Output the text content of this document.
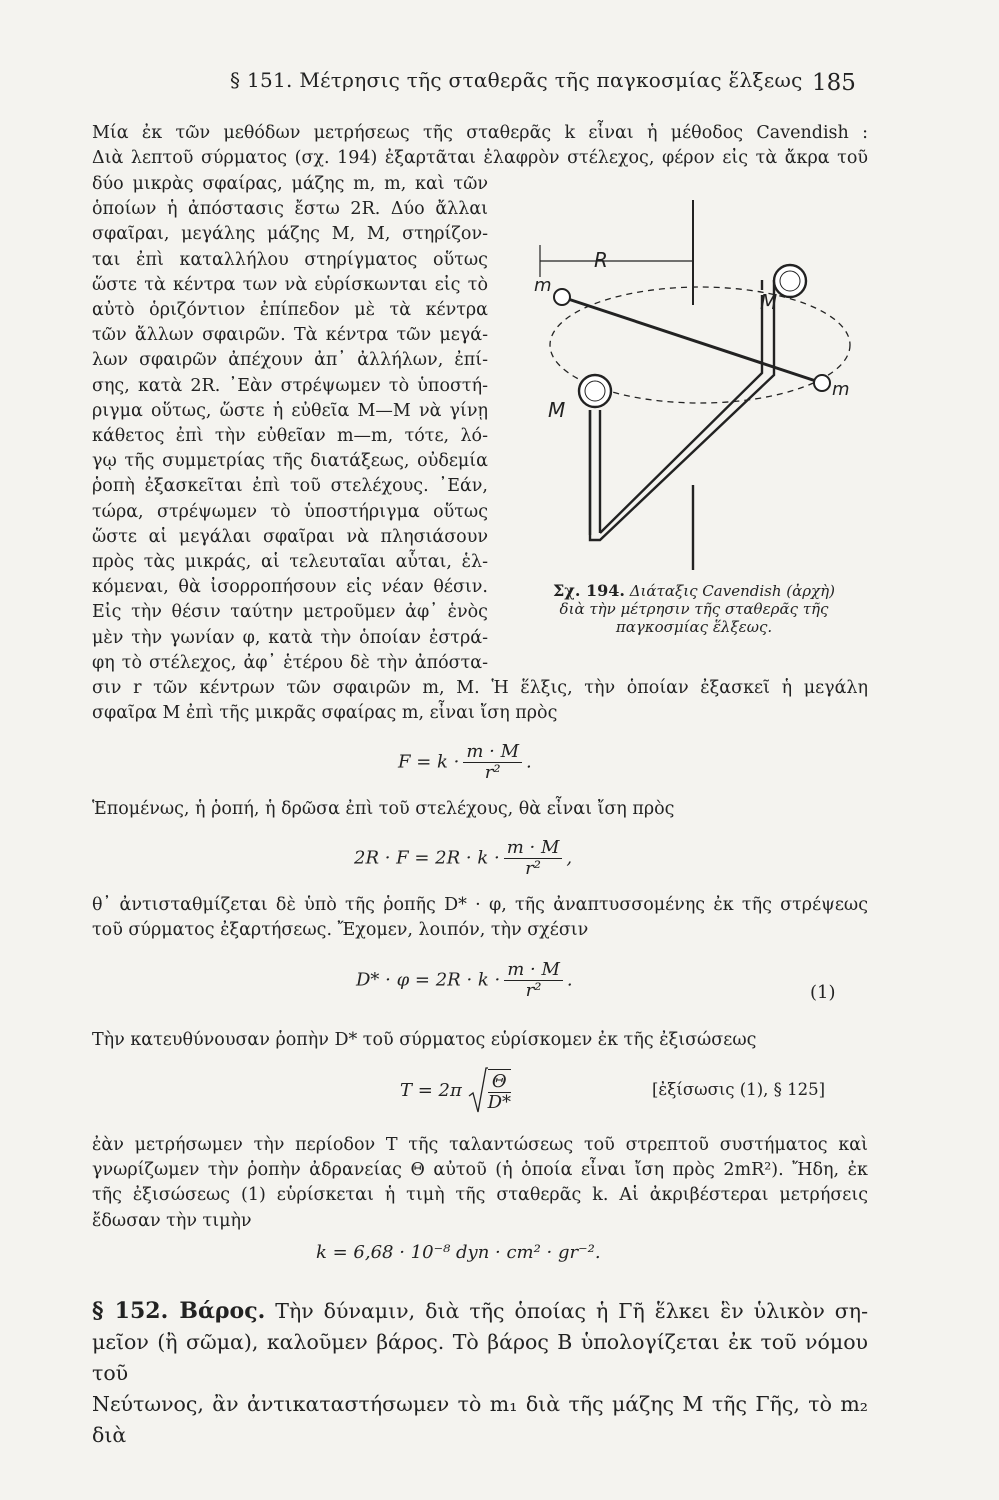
§ 151. Μέτρησις τῆς σταθερᾶς τῆς παγκοσμίας ἕλξεως 185
Μία ἐκ τῶν μεθόδων μετρήσεως τῆς σταθερᾶς k εἶναι ἡ μέθοδος Cavendish :
Διὰ λεπτοῦ σύρματος (σχ. 194) ἐξαρτᾶται ἐλαφρὸν στέλεχος, φέρον εἰς τὰ ἄκρα τοῦ
δύο μικρὰς σφαίρας, μάζης m, m, καὶ τῶν
ὁποίων ἡ ἀπόστασις ἔστω 2R. Δύο ἄλλαι
σφαῖραι, μεγάλης μάζης M, M, στηρίζον-
ται ἐπὶ καταλλήλου στηρίγματος οὕτως
ὥστε τὰ κέντρα των νὰ εὑρίσκωνται εἰς τὸ
αὐτὸ ὁριζόντιον ἐπίπεδον μὲ τὰ κέντρα
τῶν ἄλλων σφαιρῶν. Τὰ κέντρα τῶν μεγά-
λων σφαιρῶν ἀπέχουν ἀπ᾽ ἀλλήλων, ἐπί-
σης, κατὰ 2R. ᾿Εὰν στρέψωμεν τὸ ὑποστή-
ριγμα οὕτως, ὥστε ἡ εὐθεῖα M—M νὰ γίνῃ
κάθετος ἐπὶ τὴν εὐθεῖαν m—m, τότε, λό-
γῳ τῆς συμμετρίας τῆς διατάξεως, οὐδεμία
ῥοπὴ ἐξασκεῖται ἐπὶ τοῦ στελέχους. ᾿Εάν,
τώρα, στρέψωμεν τὸ ὑποστήριγμα οὕτως
ὥστε αἱ μεγάλαι σφαῖραι νὰ πλησιάσουν
πρὸς τὰς μικράς, αἱ τελευταῖαι αὗται, ἑλ-
κόμεναι, θὰ ἰσορροπήσουν εἰς νέαν θέσιν.
Εἰς τὴν θέσιν ταύτην μετροῦμεν ἀφ᾽ ἑνὸς
μὲν τὴν γωνίαν φ, κατὰ τὴν ὁποίαν ἐστρά-
φη τὸ στέλεχος, ἀφ᾽ ἑτέρου δὲ τὴν ἀπόστα-
R
m
M
M
m
Σχ. 194. Διάταξις Cavendish (ἀρχὴ)
διὰ τὴν μέτρησιν τῆς σταθερᾶς τῆς
παγκοσμίας ἕλξεως.
σιν r τῶν κέντρων τῶν σφαιρῶν m, M. Ἡ ἕλξις, τὴν ὁποίαν ἐξασκεῖ ἡ μεγάλη
σφαῖρα M ἐπὶ τῆς μικρᾶς σφαίρας m, εἶναι ἴση πρὸς
$F = k \cdot \frac{m \cdot M}{\text{r²}}$ .
Ἑπομένως, ἡ ῥοπή, ἡ δρῶσα ἐπὶ τοῦ στελέχους, θὰ εἶναι ἴση πρὸς
$2R \cdot F = 2R \cdot k \cdot \frac{m \cdot M}{\text{r²}}$ ,
θ᾽ ἀντισταθμίζεται δὲ ὑπὸ τῆς ῥοπῆς D* · φ, τῆς ἀναπτυσσομένης ἐκ τῆς στρέψεως
τοῦ σύρματος ἐξαρτήσεως. Ἔχομεν, λοιπόν, τὴν σχέσιν
$D* \cdot \varphi = 2R \cdot k \cdot \frac{m \cdot M}{\text{r²}}$ .
(1)
Τὴν κατευθύνουσαν ῥοπὴν D* τοῦ σύρματος εὑρίσκομεν ἐκ τῆς ἐξισώσεως
$T = 2\pi \frac{\Theta}{D*}$	[ἐξίσωσις (1), § 125]
ἐὰν μετρήσωμεν τὴν περίοδον T τῆς ταλαντώσεως τοῦ στρεπτοῦ συστήματος καὶ
γνωρίζωμεν τὴν ῥοπὴν ἀδρανείας Θ αὐτοῦ (ἡ ὁποία εἶναι ἴση πρὸς 2mR²). Ἤδη, ἐκ
τῆς ἐξισώσεως (1) εὑρίσκεται ἡ τιμὴ τῆς σταθερᾶς k. Αἱ ἀκριβέστεραι μετρήσεις
ἔδωσαν τὴν τιμὴν
k = 6,68 · 10⁻⁸ dyn · cm² · gr⁻².
§ 152. Βάρος. Τὴν δύναμιν, διὰ τῆς ὁποίας ἡ Γῆ ἕλκει ἓν ὑλικὸν ση-
μεῖον (ἢ σῶμα), καλοῦμεν βάρος. Τὸ βάρος B ὑπολογίζεται ἐκ τοῦ νόμου τοῦ
Νεύτωνος, ἂν ἀντικαταστήσωμεν τὸ m₁ διὰ τῆς μάζης M τῆς Γῆς, τὸ m₂ διὰ
